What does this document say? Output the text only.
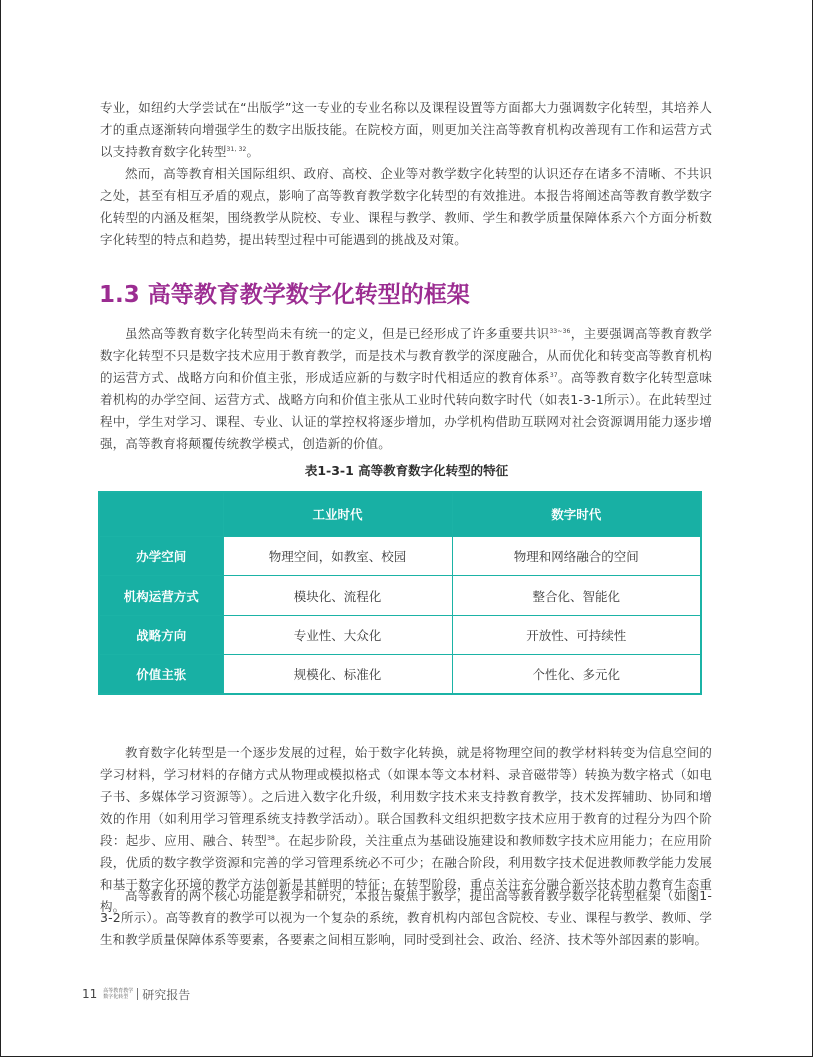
专业，如纽约大学尝试在“出版学”这一专业的专业名称以及课程设置等方面都大力强调数字化转型，其培养人才的重点逐渐转向增强学生的数字出版技能。在院校方面，则更加关注高等教育机构改善现有工作和运营方式以支持教育数字化转型$^{31, 32}$。

然而，高等教育相关国际组织、政府、高校、企业等对教学数字化转型的认识还存在诸多不清晰、不共识之处，甚至有相互矛盾的观点，影响了高等教育教学数字化转型的有效推进。本报告将阐述高等教育教学数字化转型的内涵及框架，围绕教学从院校、专业、课程与教学、教师、学生和教学质量保障体系六个方面分析数字化转型的特点和趋势，提出转型过程中可能遇到的挑战及对策。

1.3 高等教育教学数字化转型的框架

虽然高等教育数字化转型尚未有统一的定义，但是已经形成了许多重要共识$^{33\sim 36}$，主要强调高等教育教学数字化转型不只是数字技术应用于教育教学，而是技术与教育教学的深度融合，从而优化和转变高等教育机构的运营方式、战略方向和价值主张，形成适应新的与数字时代相适应的教育体系$^{37}$。高等教育数字化转型意味着机构的办学空间、运营方式、战略方向和价值主张从工业时代转向数字时代（如表1-3-1所示）。在此转型过程中，学生对学习、课程、专业、认证的掌控权将逐步增加，办学机构借助互联网对社会资源调用能力逐步增强，高等教育将颠覆传统教学模式，创造新的价值。

表1-3-1 高等教育数字化转型的特征
	工业时代	数字时代
办学空间	物理空间，如教室、校园	物理和网络融合的空间
机构运营方式	模块化、流程化	整合化、智能化
战略方向	专业性、大众化	开放性、可持续性
价值主张	规模化、标准化	个性化、多元化

教育数字化转型是一个逐步发展的过程，始于数字化转换，就是将物理空间的教学材料转变为信息空间的学习材料，学习材料的存储方式从物理或模拟格式（如课本等文本材料、录音磁带等）转换为数字格式（如电子书、多媒体学习资源等）。之后进入数字化升级，利用数字技术来支持教育教学，技术发挥辅助、协同和增效的作用（如利用学习管理系统支持教学活动）。联合国教科文组织把数字技术应用于教育的过程分为四个阶段：起步、应用、融合、转型$^{38}$。在起步阶段，关注重点为基础设施建设和教师数字技术应用能力；在应用阶段，优质的数字教学资源和完善的学习管理系统必不可少；在融合阶段，利用数字技术促进教师教学能力发展和基于数字化环境的教学方法创新是其鲜明的特征；在转型阶段，重点关注充分融合新兴技术助力教育生态重构。

高等教育的两个核心功能是教学和研究，本报告聚焦于教学，提出高等教育教学数字化转型框架（如图1-3-2所示）。高等教育的教学可以视为一个复杂的系统，教育机构内部包含院校、专业、课程与教学、教师、学生和教学质量保障体系等要素，各要素之间相互影响，同时受到社会、政治、经济、技术等外部因素的影响。

11 高等教育教学
数字化转型	研究报告
